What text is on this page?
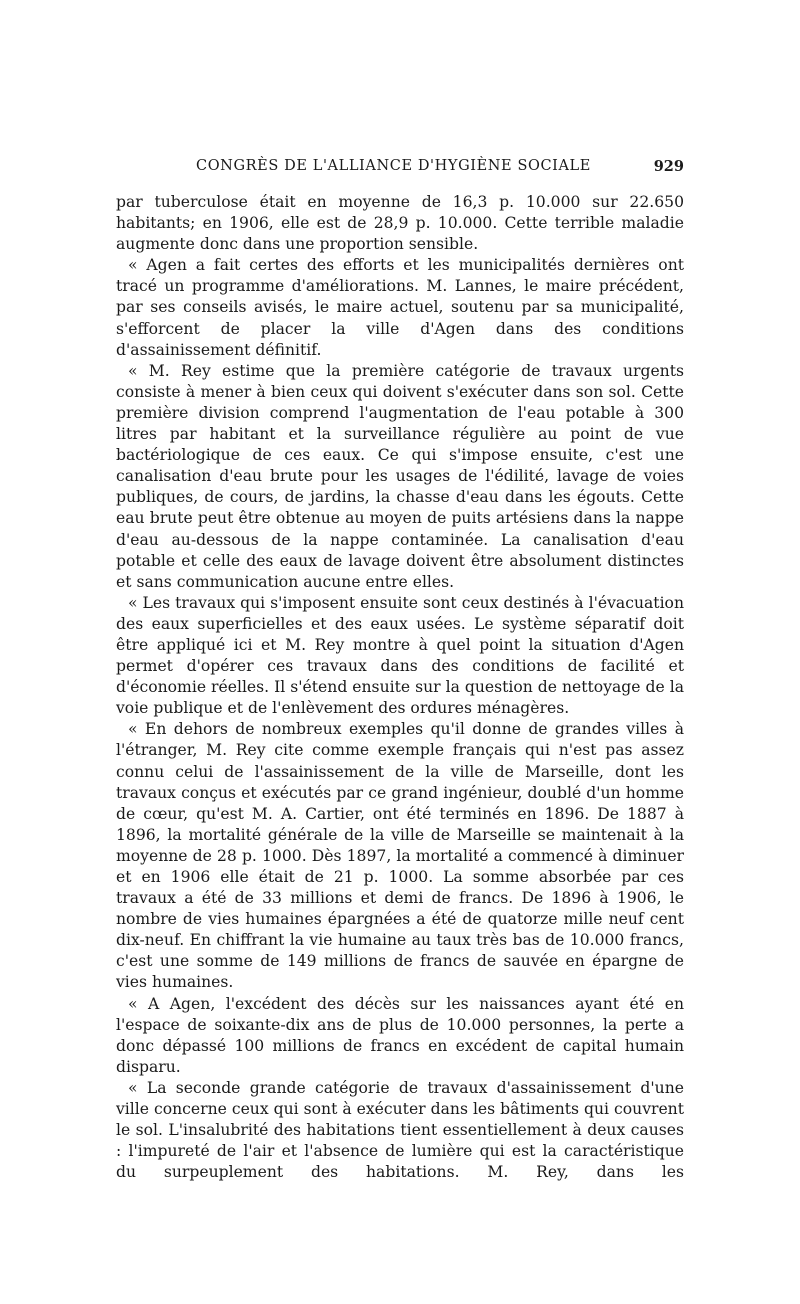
CONGRÈS DE L'ALLIANCE D'HYGIÈNE SOCIALE	929

par tuberculose était en moyenne de 16,3 p. 10.000 sur 22.650 habitants; en 1906, elle est de 28,9 p. 10.000. Cette terrible maladie augmente donc dans une proportion sensible.

« Agen a fait certes des efforts et les municipalités dernières ont tracé un programme d'améliorations. M. Lannes, le maire précédent, par ses conseils avisés, le maire actuel, soutenu par sa municipalité, s'efforcent de placer la ville d'Agen dans des conditions d'assainissement définitif.

« M. Rey estime que la première catégorie de travaux urgents consiste à mener à bien ceux qui doivent s'exécuter dans son sol. Cette première division comprend l'augmentation de l'eau potable à 300 litres par habitant et la surveillance régulière au point de vue bactériologique de ces eaux. Ce qui s'impose ensuite, c'est une canalisation d'eau brute pour les usages de l'édilité, lavage de voies publiques, de cours, de jardins, la chasse d'eau dans les égouts. Cette eau brute peut être obtenue au moyen de puits artésiens dans la nappe d'eau au-dessous de la nappe contaminée. La canalisation d'eau potable et celle des eaux de lavage doivent être absolument distinctes et sans communication aucune entre elles.

« Les travaux qui s'imposent ensuite sont ceux destinés à l'évacuation des eaux superficielles et des eaux usées. Le système séparatif doit être appliqué ici et M. Rey montre à quel point la situation d'Agen permet d'opérer ces travaux dans des conditions de facilité et d'économie réelles. Il s'étend ensuite sur la question de nettoyage de la voie publique et de l'enlèvement des ordures ménagères.

« En dehors de nombreux exemples qu'il donne de grandes villes à l'étranger, M. Rey cite comme exemple français qui n'est pas assez connu celui de l'assainissement de la ville de Marseille, dont les travaux conçus et exécutés par ce grand ingénieur, doublé d'un homme de cœur, qu'est M. A. Cartier, ont été terminés en 1896. De 1887 à 1896, la mortalité générale de la ville de Marseille se maintenait à la moyenne de 28 p. 1000. Dès 1897, la mortalité a commencé à diminuer et en 1906 elle était de 21 p. 1000. La somme absorbée par ces travaux a été de 33 millions et demi de francs. De 1896 à 1906, le nombre de vies humaines épargnées a été de quatorze mille neuf cent dix-neuf. En chiffrant la vie humaine au taux très bas de 10.000 francs, c'est une somme de 149 millions de francs de sauvée en épargne de vies humaines.

« A Agen, l'excédent des décès sur les naissances ayant été en l'espace de soixante-dix ans de plus de 10.000 personnes, la perte a donc dépassé 100 millions de francs en excédent de capital humain disparu.

« La seconde grande catégorie de travaux d'assainissement d'une ville concerne ceux qui sont à exécuter dans les bâtiments qui couvrent le sol. L'insalubrité des habitations tient essentiellement à deux causes : l'impureté de l'air et l'absence de lumière qui est la caractéristique du surpeuplement des habitations. M. Rey, dans les
